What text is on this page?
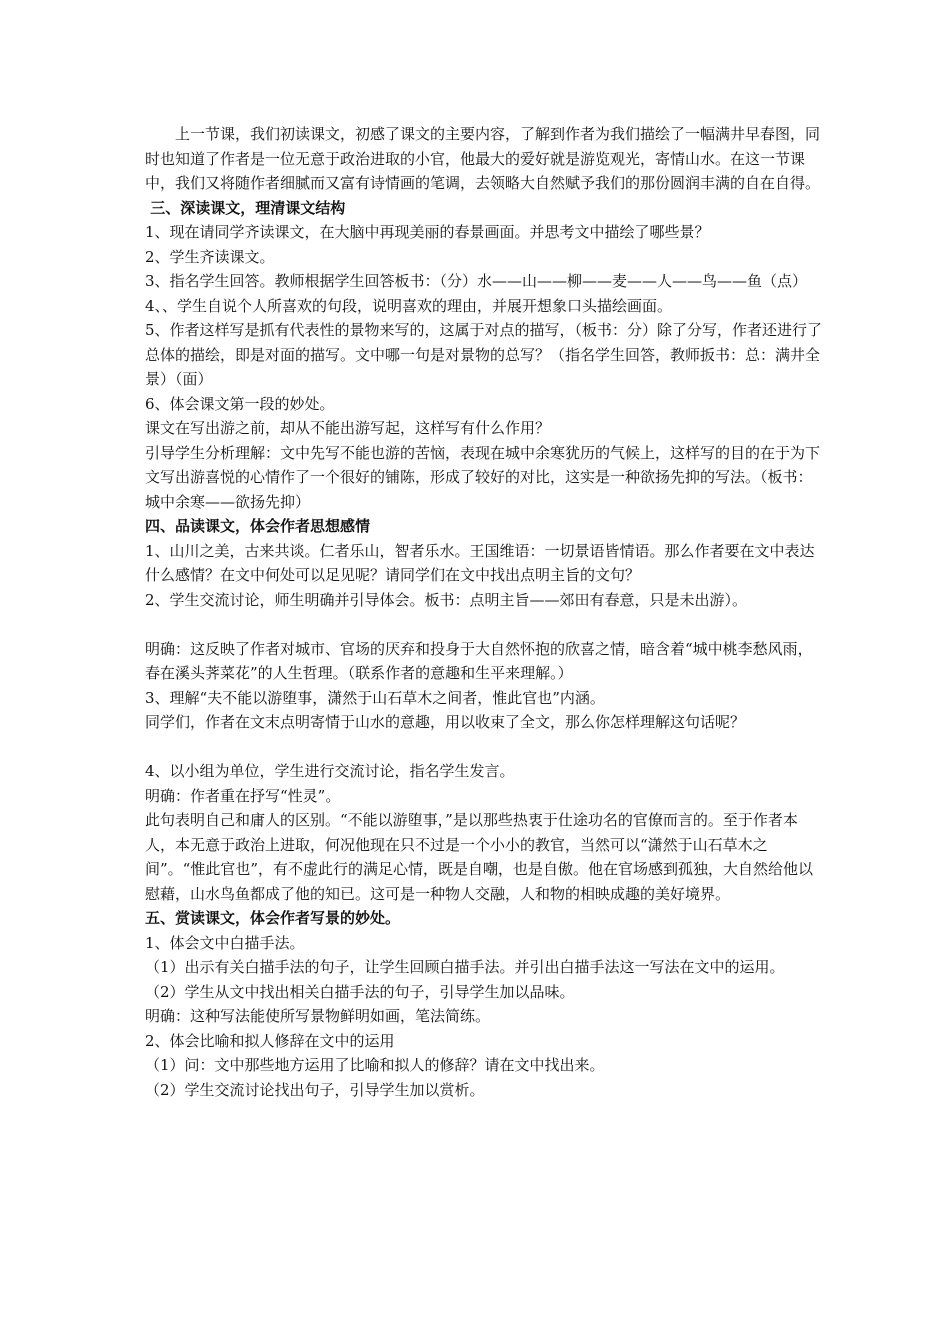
上一节课，我们初读课文，初感了课文的主要内容，了解到作者为我们描绘了一幅满井早春图，同时也知道了作者是一位无意于政治进取的小官，他最大的爱好就是游览观光，寄情山水。在这一节课中，我们又将随作者细腻而又富有诗情画的笔调，去领略大自然赋予我们的那份圆润丰满的自在自得。

三、深读课文，理清课文结构

1、现在请同学齐读课文，在大脑中再现美丽的春景画面。并思考文中描绘了哪些景？

2、学生齐读课文。

3、指名学生回答。教师根据学生回答板书：（分）水——山——柳——麦——人——鸟——鱼（点）

4、、学生自说个人所喜欢的句段，说明喜欢的理由，并展开想象口头描绘画面。

5、作者这样写是抓有代表性的景物来写的，这属于对点的描写，（板书：分）除了分写，作者还进行了总体的描绘，即是对面的描写。文中哪一句是对景物的总写？（指名学生回答，教师扳书：总：满井全景）（面）

6、体会课文第一段的妙处。

课文在写出游之前，却从不能出游写起，这样写有什么作用？

引导学生分析理解：文中先写不能也游的苦恼，表现在城中余寒犹历的气候上，这样写的目的在于为下文写出游喜悦的心情作了一个很好的铺陈，形成了较好的对比，这实是一种欲扬先抑的写法。（板书：城中余寒——欲扬先抑）

四、品读课文，体会作者思想感情

1、山川之美，古来共谈。仁者乐山，智者乐水。王国维语：一切景语皆情语。那么作者要在文中表达什么感情？在文中何处可以足见呢？请同学们在文中找出点明主旨的文句？

2、学生交流讨论，师生明确并引导体会。板书：点明主旨——郊田有春意，只是未出游）。

明确：这反映了作者对城市、官场的厌弃和投身于大自然怀抱的欣喜之情，暗含着“城中桃李愁风雨，春在溪头荠菜花”的人生哲理。（联系作者的意趣和生平来理解。）

3、理解“夫不能以游堕事，潇然于山石草木之间者，惟此官也”内涵。

同学们，作者在文末点明寄情于山水的意趣，用以收束了全文，那么你怎样理解这句话呢？

4、以小组为单位，学生进行交流讨论，指名学生发言。

明确：作者重在抒写“性灵”。

此句表明自己和庸人的区别。“不能以游堕事，”是以那些热衷于仕途功名的官僚而言的。至于作者本人，本无意于政治上进取，何况他现在只不过是一个小小的教官，当然可以“潇然于山石草木之间”。“惟此官也”，有不虚此行的满足心情，既是自嘲，也是自傲。他在官场感到孤独，大自然给他以慰藉，山水鸟鱼都成了他的知已。这可是一种物人交融，人和物的相映成趣的美好境界。

五、赏读课文，体会作者写景的妙处。

1、体会文中白描手法。

（1）出示有关白描手法的句子，让学生回顾白描手法。并引出白描手法这一写法在文中的运用。

（2）学生从文中找出相关白描手法的句子，引导学生加以品味。

明确：这种写法能使所写景物鲜明如画，笔法简练。

2、体会比喻和拟人修辞在文中的运用

（1）问：文中那些地方运用了比喻和拟人的修辞？请在文中找出来。

（2）学生交流讨论找出句子，引导学生加以赏析。
